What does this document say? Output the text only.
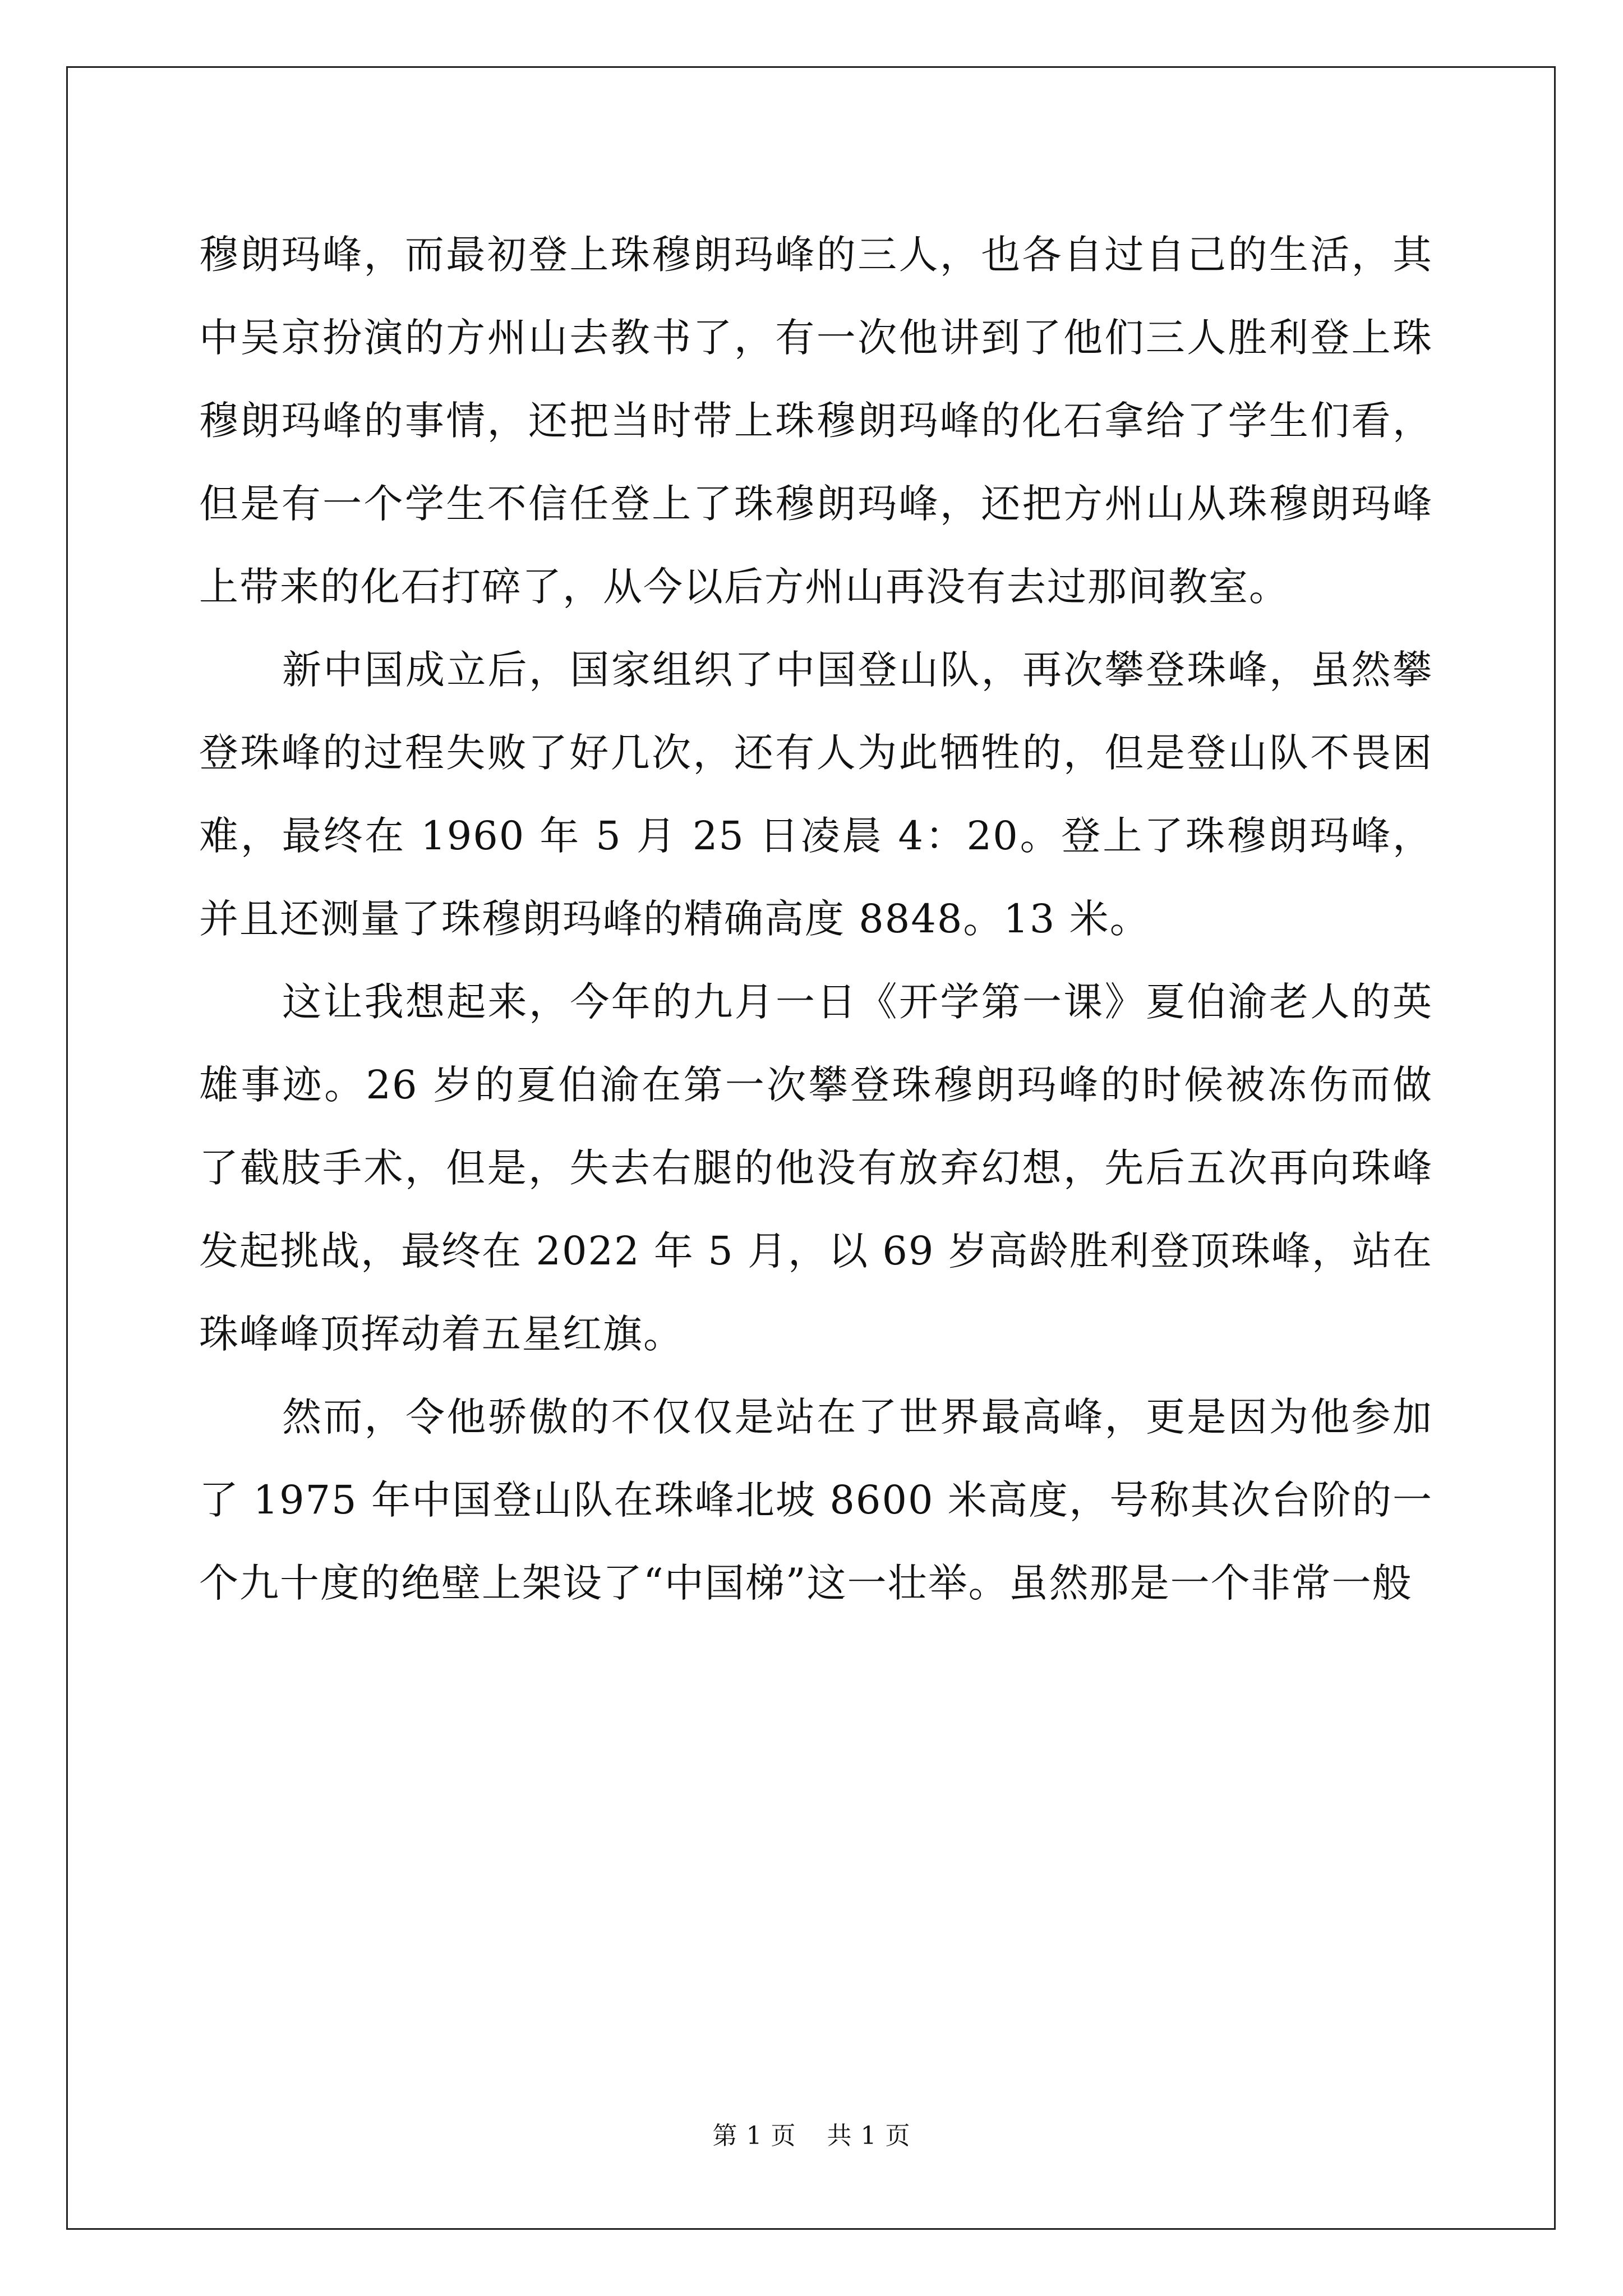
穆朗玛峰，而最初登上珠穆朗玛峰的三人，也各自过自己的生活，其中吴京扮演的方州山去教书了，有一次他讲到了他们三人胜利登上珠穆朗玛峰的事情，还把当时带上珠穆朗玛峰的化石拿给了学生们看，但是有一个学生不信任登上了珠穆朗玛峰，还把方州山从珠穆朗玛峰上带来的化石打碎了，从今以后方州山再没有去过那间教室。

新中国成立后，国家组织了中国登山队，再次攀登珠峰，虽然攀登珠峰的过程失败了好几次，还有人为此牺牲的，但是登山队不畏困难，最终在 1960 年 5 月 25 日凌晨 4：20。登上了珠穆朗玛峰，并且还测量了珠穆朗玛峰的精确高度 8848。13 米。

这让我想起来，今年的九月一日《开学第一课》夏伯渝老人的英雄事迹。26 岁的夏伯渝在第一次攀登珠穆朗玛峰的时候被冻伤而做了截肢手术，但是，失去右腿的他没有放弃幻想，先后五次再向珠峰发起挑战，最终在 2022 年 5 月，以 69 岁高龄胜利登顶珠峰，站在珠峰峰顶挥动着五星红旗。

然而，令他骄傲的不仅仅是站在了世界最高峰，更是因为他参加了 1975 年中国登山队在珠峰北坡 8600 米高度，号称其次台阶的一个九十度的绝壁上架设了“中国梯”这一壮举。虽然那是一个非常一般

第 1 页 共 1 页
